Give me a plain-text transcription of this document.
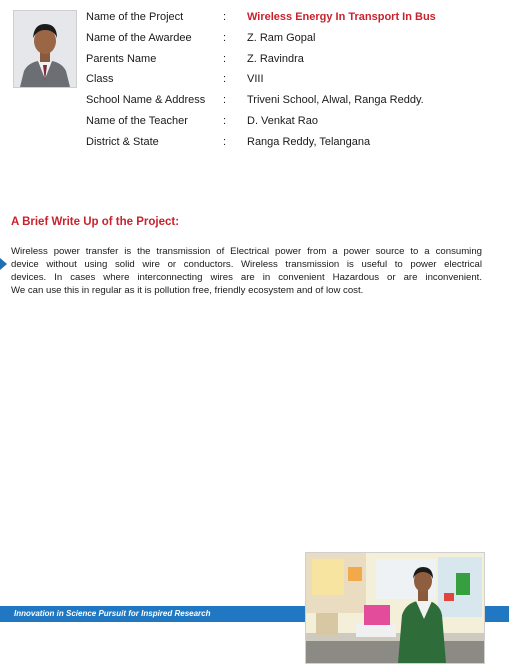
Name of the Project	: Wireless Energy In Transport In Bus
Name of the Awardee	: Z. Ram Gopal
Parents Name	: Z. Ravindra
Class	: VIII
School Name & Address : Triveni School, Alwal, Ranga Reddy.
Name of the Teacher	: D. Venkat Rao
District & State	: Ranga Reddy, Telangana
A Brief Write Up of the Project:
Wireless power transfer is the transmission of Electrical power from a power source to a consuming
device without using solid wire or conductors. Wireless transmission is useful to power electrical
devices. In cases where interconnecting wires are in convenient Hazardous or are inconvenient.
We can use this in regular as it is pollution free, friendly ecosystem and of low cost.
Innovation in Science Pursuit for Inspired Research
